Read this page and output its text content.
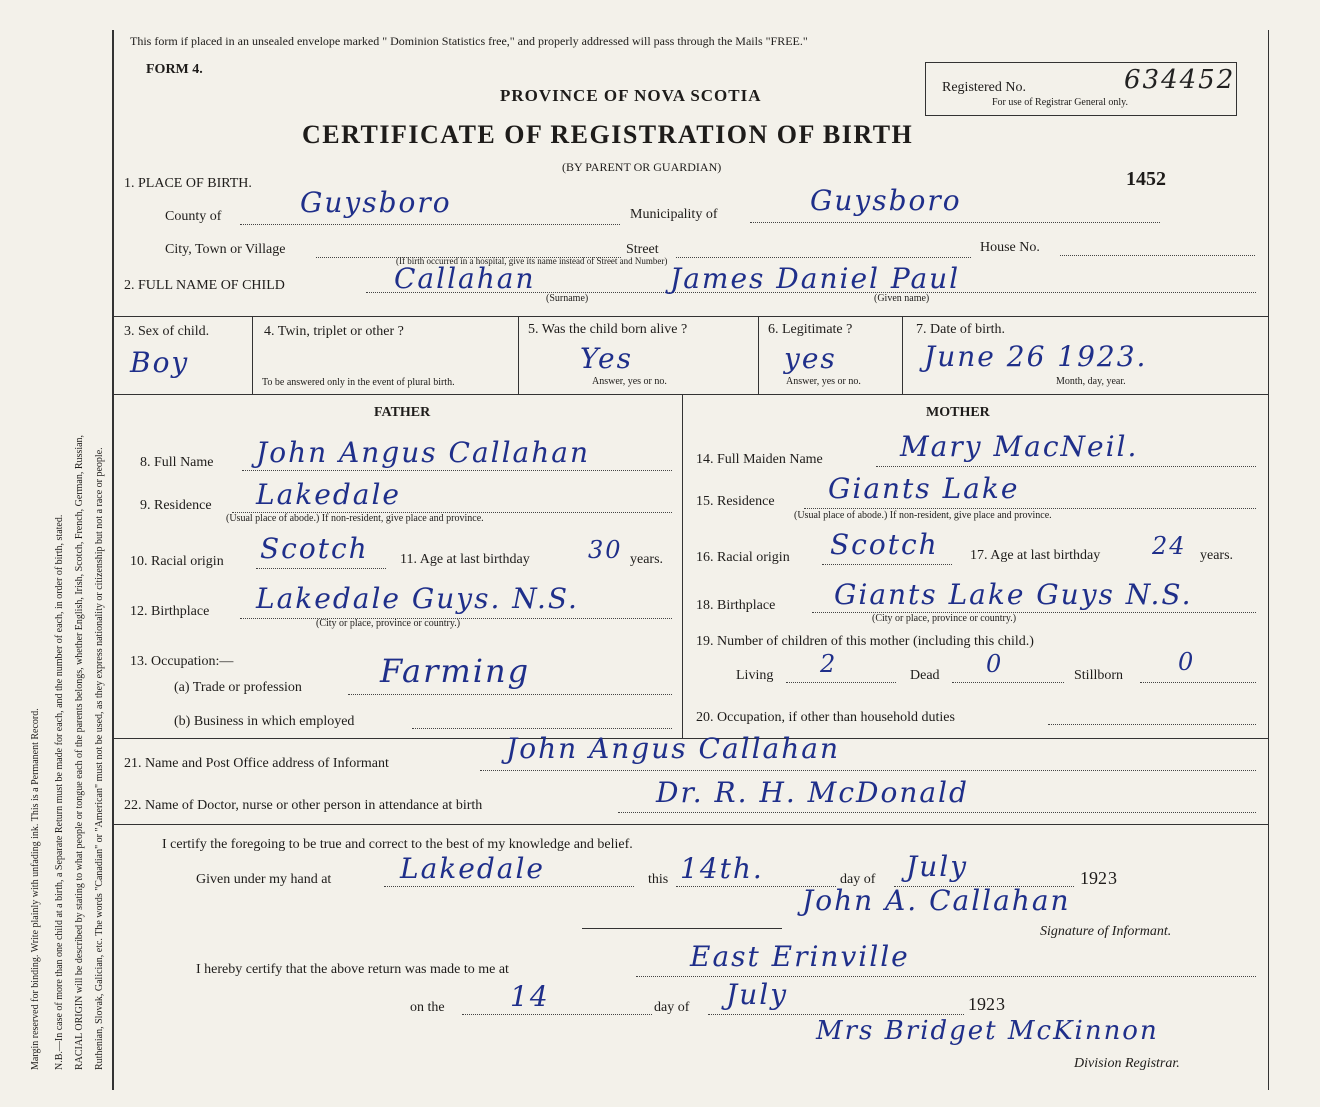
Margin reserved for binding. Write plainly with unfading ink. This is a Permanent Record. N.B.—In case of more than one child at a birth, a Separate Return must be made for each, and the number of each, in order of birth, stated. RACIAL ORIGIN will be described by stating to what people or tongue each of the parents belongs, whether English, Irish, Scotch, French, German, Russian, Ruthenian, Slovak, Galician, etc. The words "Canadian" or "American" must not be used, as they express nationality or citizenship but not a race or people.
This form if placed in an unsealed envelope marked " Dominion Statistics free," and properly addressed will pass through the Mails "FREE."
FORM 4.
PROVINCE OF NOVA SCOTIA
CERTIFICATE OF REGISTRATION OF BIRTH
(BY PARENT OR GUARDIAN)
Registered No.	634452
For use of Registrar General only.
1452
1. PLACE OF BIRTH.
County of	Guysboro	Municipality of	Guysboro
City, Town or Village	Street
(If birth occurred in a hospital, give its name instead of Street and Number)
House No.
2. FULL NAME OF CHILD	Callahan	James Daniel Paul
(Surname)	(Given name)
3. Sex of child.
Boy
4. Twin, triplet or other ?
To be answered only in the event of plural birth.
5. Was the child born alive ?
Yes
Answer, yes or no.
6. Legitimate ?
yes
Answer, yes or no.
7. Date of birth.
June 26 1923.
Month, day, year.
FATHER
8. Full Name John Angus Callahan
9. Residence Lakedale
(Usual place of abode.) If non-resident, give place and province.
10. Racial origin Scotch 11. Age at last birthday 30 years.
12. Birthplace Lakedale Guys. N.S.
(City or place, province or country.)
13. Occupation:—
(a) Trade or profession Farming
(b) Business in which employed
MOTHER
14. Full Maiden Name	Mary MacNeil.
15. Residence Giants Lake
(Usual place of abode.) If non-resident, give place and province.
16. Racial origin Scotch 17. Age at last birthday 24 years.
18. Birthplace Giants Lake Guys N.S.
(City or place, province or country.)
19. Number of children of this mother (including this child.)
Living 2	Dead 0	Stillborn 0
20. Occupation, if other than household duties
21. Name and Post Office address of Informant	John Angus Callahan
22. Name of Doctor, nurse or other person in attendance at birth	Dr. R. H. McDonald
I certify the foregoing to be true and correct to the best of my knowledge and belief.
Given under my hand at Lakedale	this 14th.	day of July	192 3
John A. Callahan
Signature of Informant.
I hereby certify that the above return was made to me at	East Erinville
on the 14	day of July	192 3
Mrs Bridget McKinnon
Division Registrar.
